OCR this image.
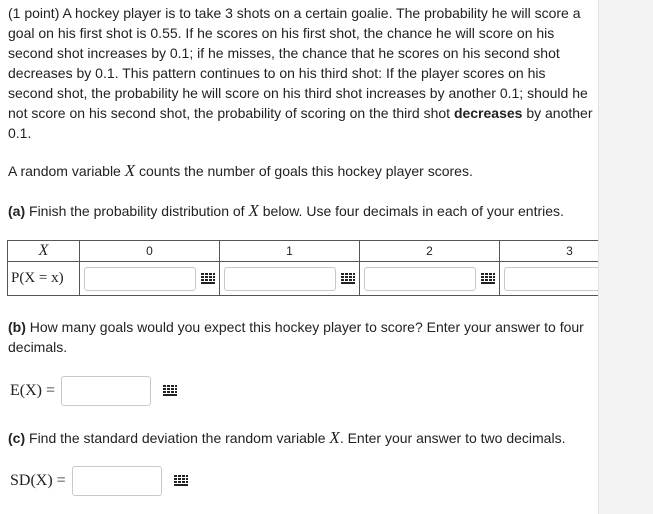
(1 point) A hockey player is to take 3 shots on a certain goalie. The probability he will score a goal on his first shot is 0.55. If he scores on his first shot, the chance he will score on his second shot increases by 0.1; if he misses, the chance that he scores on his second shot decreases by 0.1. This pattern continues to on his third shot: If the player scores on his second shot, the probability he will score on his third shot increases by another 0.1; should he not score on his second shot, the probability of scoring on the third shot decreases by another 0.1.

A random variable X counts the number of goals this hockey player scores.

(a) Finish the probability distribution of X below. Use four decimals in each of your entries.

X	0	1	2	3
P(X = x)	

(b) How many goals would you expect this hockey player to score? Enter your answer to four decimals.

E(X) =

(c) Find the standard deviation the random variable X. Enter your answer to two decimals.

SD(X) =
